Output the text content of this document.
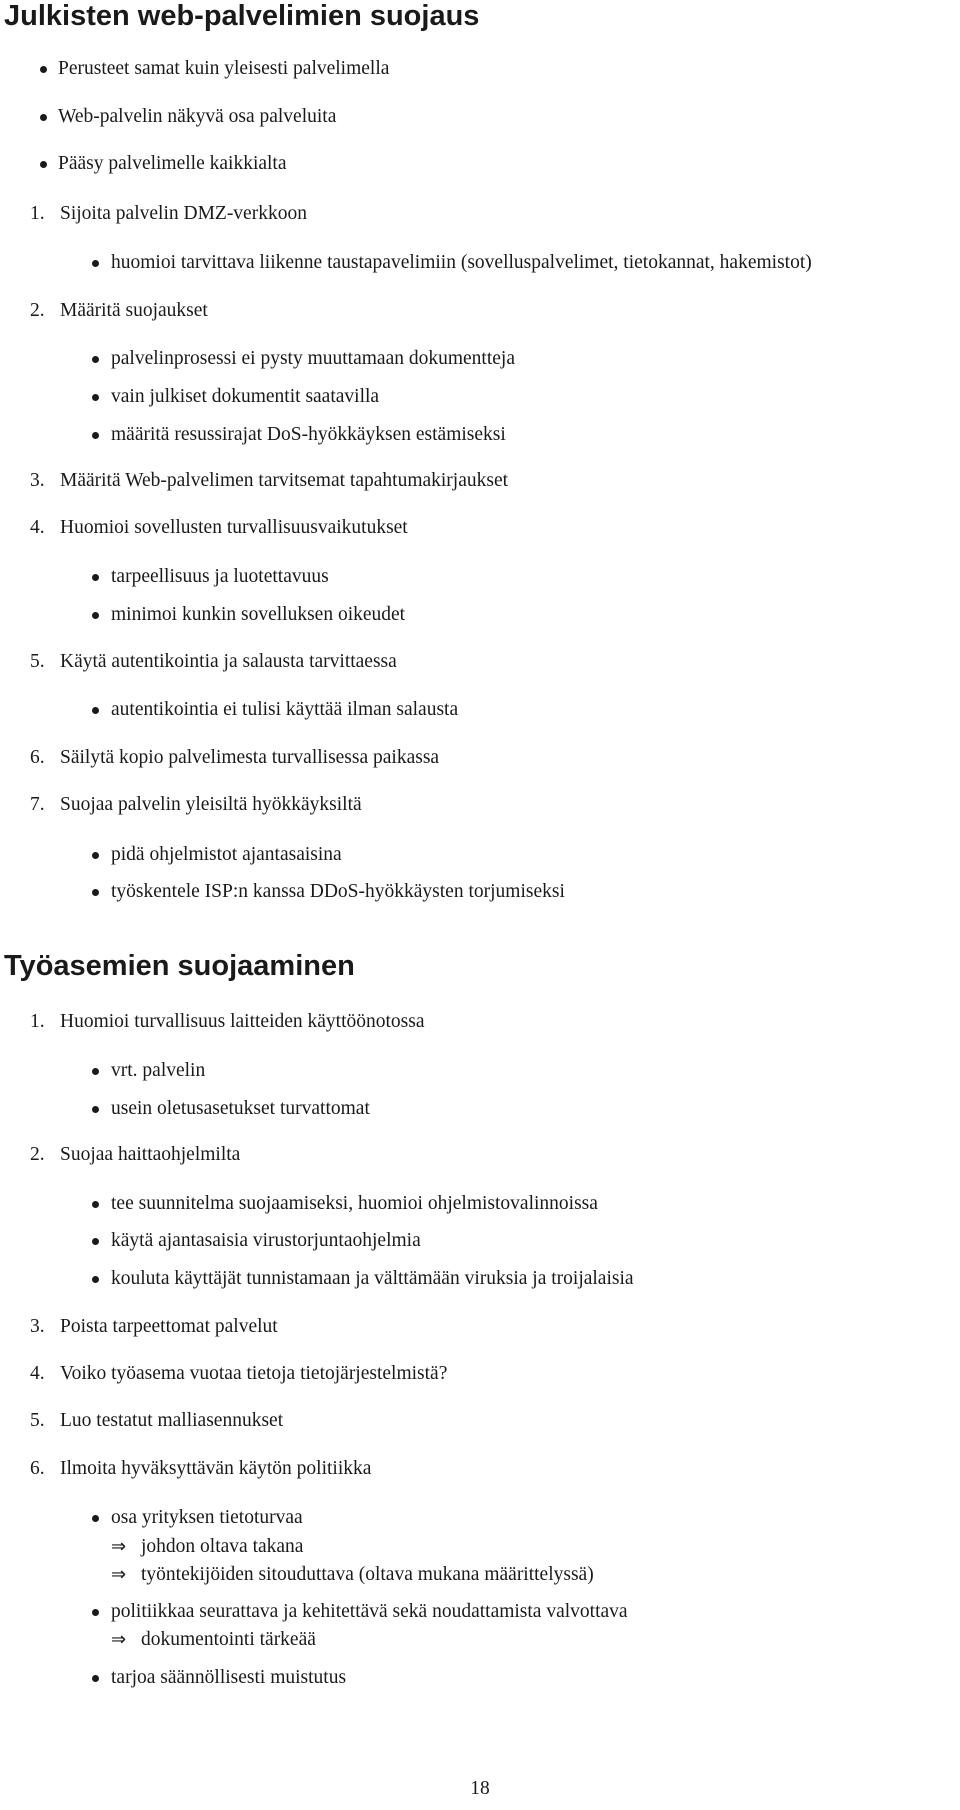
Julkisten web-palvelimien suojaus
Perusteet samat kuin yleisesti palvelimella
Web-palvelin näkyvä osa palveluita
Pääsy palvelimelle kaikkialta
1. Sijoita palvelin DMZ-verkkoon
huomioi tarvittava liikenne taustapavelimiin (sovelluspalvelimet, tietokannat, hakemistot)
2. Määritä suojaukset
palvelinprosessi ei pysty muuttamaan dokumentteja
vain julkiset dokumentit saatavilla
määritä resussirajat DoS-hyökkäyksen estämiseksi
3. Määritä Web-palvelimen tarvitsemat tapahtumakirjaukset
4. Huomioi sovellusten turvallisuusvaikutukset
tarpeellisuus ja luotettavuus
minimoi kunkin sovelluksen oikeudet
5. Käytä autentikointia ja salausta tarvittaessa
autentikointia ei tulisi käyttää ilman salausta
6. Säilytä kopio palvelimesta turvallisessa paikassa
7. Suojaa palvelin yleisiltä hyökkäyksiltä
pidä ohjelmistot ajantasaisina
työskentele ISP:n kanssa DDoS-hyökkäysten torjumiseksi
Työasemien suojaaminen
1. Huomioi turvallisuus laitteiden käyttöönotossa
vrt. palvelin
usein oletusasetukset turvattomat
2. Suojaa haittaohjelmilta
tee suunnitelma suojaamiseksi, huomioi ohjelmistovalinnoissa
käytä ajantasaisia virustorjuntaohjelmia
kouluta käyttäjät tunnistamaan ja välttämään viruksia ja troijalaisia
3. Poista tarpeettomat palvelut
4. Voiko työasema vuotaa tietoja tietojärjestelmistä?
5. Luo testatut malliasennukset
6. Ilmoita hyväksyttävän käytön politiikka
osa yrityksen tietoturvaa
⇒ johdon oltava takana
⇒ työntekijöiden sitouduttava (oltava mukana määrittelyssä)
politiikkaa seurattava ja kehitettävä sekä noudattamista valvottava
⇒ dokumentointi tärkeää
tarjoa säännöllisesti muistutus
18
